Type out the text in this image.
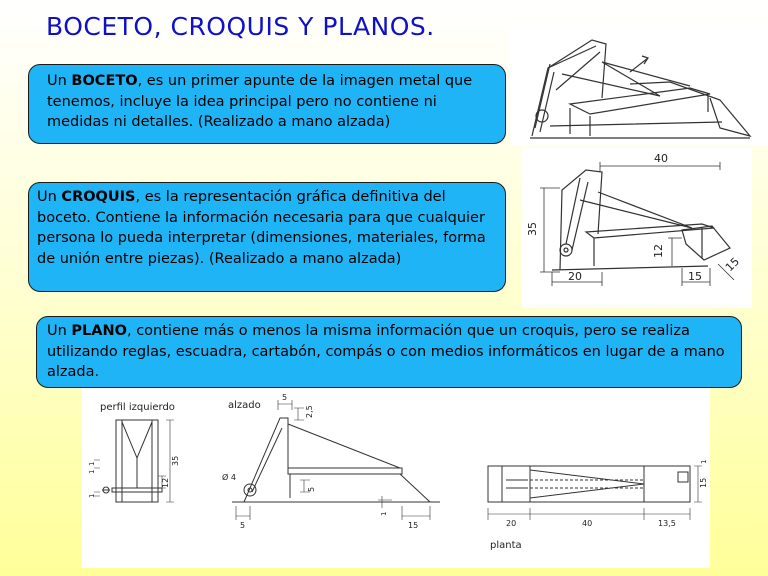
BOCETO, CROQUIS Y PLANOS.
Un BOCETO, es un primer apunte de la imagen metal que tenemos, incluye la idea principal pero no contiene ni medidas ni detalles. (Realizado a mano alzada)
Un CROQUIS, es la representación gráfica definitiva del boceto. Contiene la información necesaria para que cualquier persona lo pueda interpretar (dimensiones, materiales, forma de unión entre piezas). (Realizado a mano alzada)
Un PLANO, contiene más o menos la misma información que un croquis, pero se realiza utilizando reglas, escuadra, cartabón, compás o con medios informáticos en lugar de a mano alzada.
40
35
12
20	15
15
perfil izquierdo
35
12
1
1
1
alzado
5
2,5
Ø 4
5
5
1
15	20	40	13,5
15
1
planta
